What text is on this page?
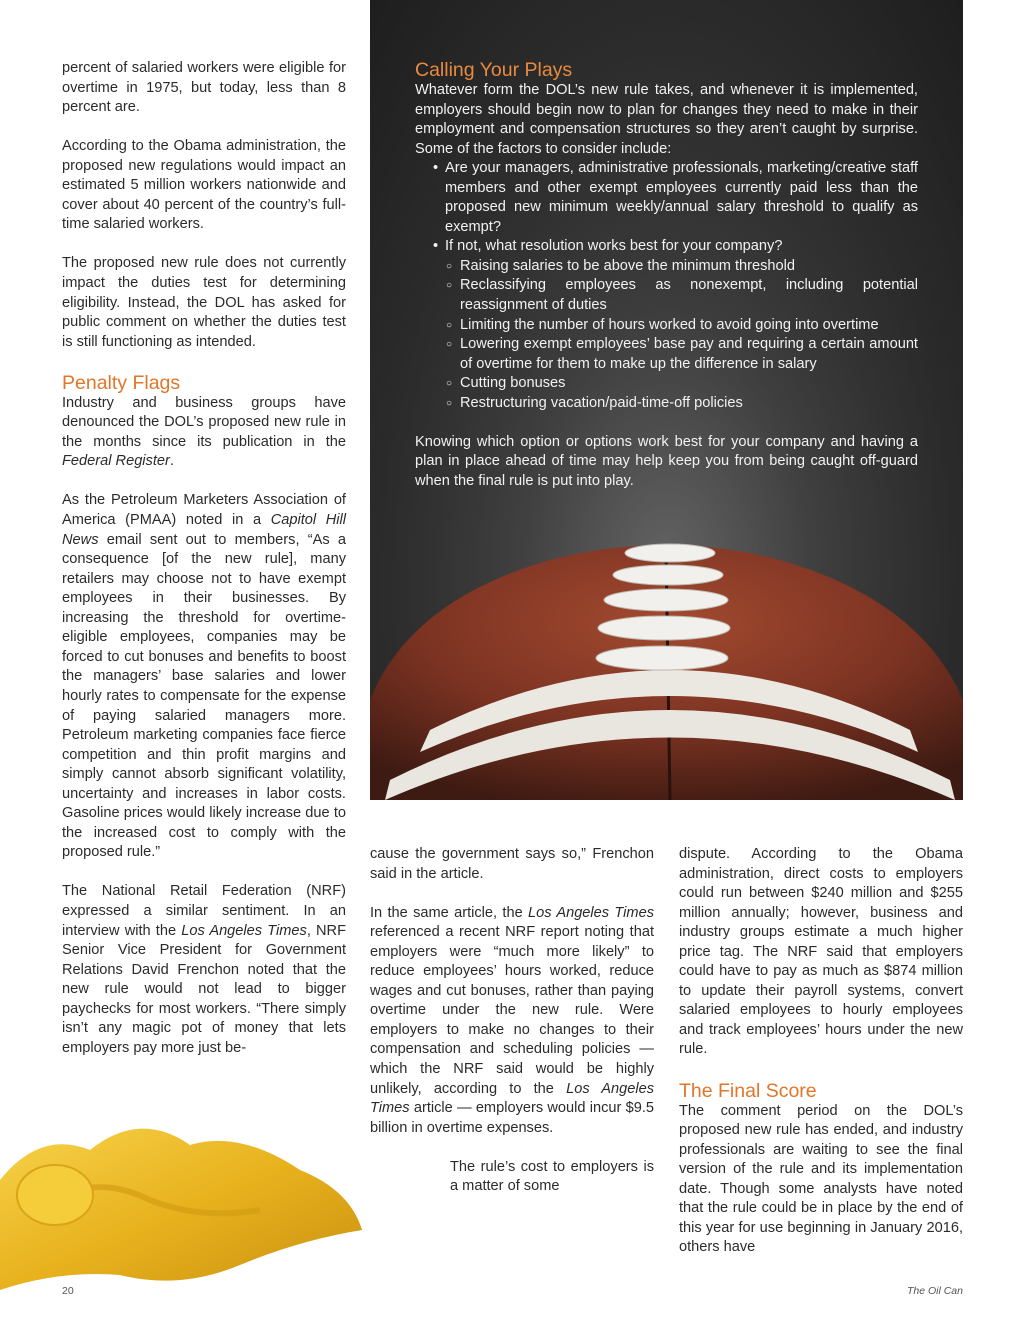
percent of salaried workers were eligible for overtime in 1975, but today, less than 8 percent are.

According to the Obama administration, the proposed new regulations would impact an estimated 5 million workers nationwide and cover about 40 percent of the country’s full-time salaried workers.

The proposed new rule does not currently impact the duties test for determining eligibility. Instead, the DOL has asked for public comment on whether the duties test is still functioning as intended.

Penalty Flags

Industry and business groups have denounced the DOL’s proposed new rule in the months since its publication in the Federal Register.

As the Petroleum Marketers Association of America (PMAA) noted in a Capitol Hill News email sent out to members, “As a consequence [of the new rule], many retailers may choose not to have exempt employees in their businesses. By increasing the threshold for overtime-eligible employees, companies may be forced to cut bonuses and benefits to boost the managers’ base salaries and lower hourly rates to compensate for the expense of paying salaried managers more. Petroleum marketing companies face fierce competition and thin profit margins and simply cannot absorb significant volatility, uncertainty and increases in labor costs. Gasoline prices would likely increase due to the increased cost to comply with the proposed rule.”

The National Retail Federation (NRF) expressed a similar sentiment. In an interview with the Los Angeles Times, NRF Senior Vice President for Government Relations David Frenchon noted that the new rule would not lead to bigger paychecks for most workers. “There simply isn’t any magic pot of money that lets employers pay more just be-

Calling Your Plays

Whatever form the DOL’s new rule takes, and whenever it is implemented, employers should begin now to plan for changes they need to make in their employment and compensation structures so they aren’t caught by surprise. Some of the factors to consider include:

• Are your managers, administrative professionals, marketing/creative staff members and other exempt employees currently paid less than the proposed new minimum weekly/annual salary threshold to qualify as exempt?
• If not, what resolution works best for your company?
○ Raising salaries to be above the minimum threshold
○ Reclassifying employees as nonexempt, including potential reassignment of duties
○ Limiting the number of hours worked to avoid going into overtime
○ Lowering exempt employees’ base pay and requiring a certain amount of overtime for them to make up the difference in salary
○ Cutting bonuses
○ Restructuring vacation/paid-time-off policies

Knowing which option or options work best for your company and having a plan in place ahead of time may help keep you from being caught off-guard when the final rule is put into play.

cause the government says so,” Frenchon said in the article.

In the same article, the Los Angeles Times referenced a recent NRF report noting that employers were “much more likely” to reduce employees’ hours worked, reduce wages and cut bonuses, rather than paying overtime under the new rule. Were employers to make no changes to their compensation and scheduling policies — which the NRF said would be highly unlikely, according to the Los Angeles Times article — employers would incur $9.5 billion in overtime expenses.

The rule’s cost to employers is a matter of some

dispute. According to the Obama administration, direct costs to employers could run between $240 million and $255 million annually; however, business and industry groups estimate a much higher price tag. The NRF said that employers could have to pay as much as $874 million to update their payroll systems, convert salaried employees to hourly employees and track employees’ hours under the new rule.

The Final Score

The comment period on the DOL’s proposed new rule has ended, and industry professionals are waiting to see the final version of the rule and its implementation date. Though some analysts have noted that the rule could be in place by the end of this year for use beginning in January 2016, others have

20	The Oil Can
